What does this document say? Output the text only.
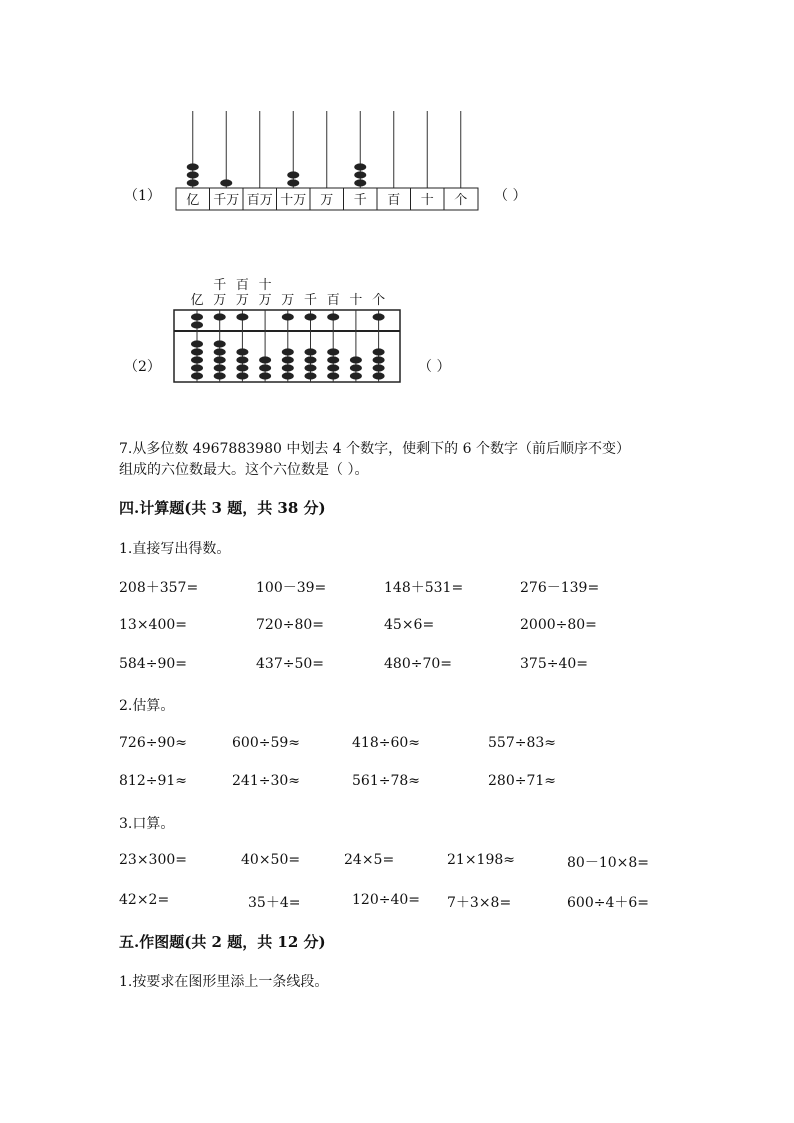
（1） 亿 千万 百万 十万 万 千 百 十 个 （ ）
亿
千
万
百
万
十
万 万 千 百 十 个
（2）	（ ）
7.从多位数 4967883980 中划去 4 个数字，使剩下的 6 个数字（前后顺序不变）
组成的六位数最大。这个六位数是（ ）。
四.计算题(共 3 题，共 38 分)
1.直接写出得数。
208＋357=	100－39=	148＋531=	276－139=
13×400=	720÷80=	45×6=	2000÷80=
584÷90=	437÷50=	480÷70=	375÷40=
2.估算。
726÷90≈	600÷59≈	418÷60≈	557÷83≈
812÷91≈	241÷30≈	561÷78≈	280÷71≈
3.口算。
23×300=	40×50=	24×5=	21×198≈	80－10×8=
42×2=	35＋4=	120÷40= 7＋3×8=	600÷4＋6=
五.作图题(共 2 题，共 12 分)
1.按要求在图形里添上一条线段。
